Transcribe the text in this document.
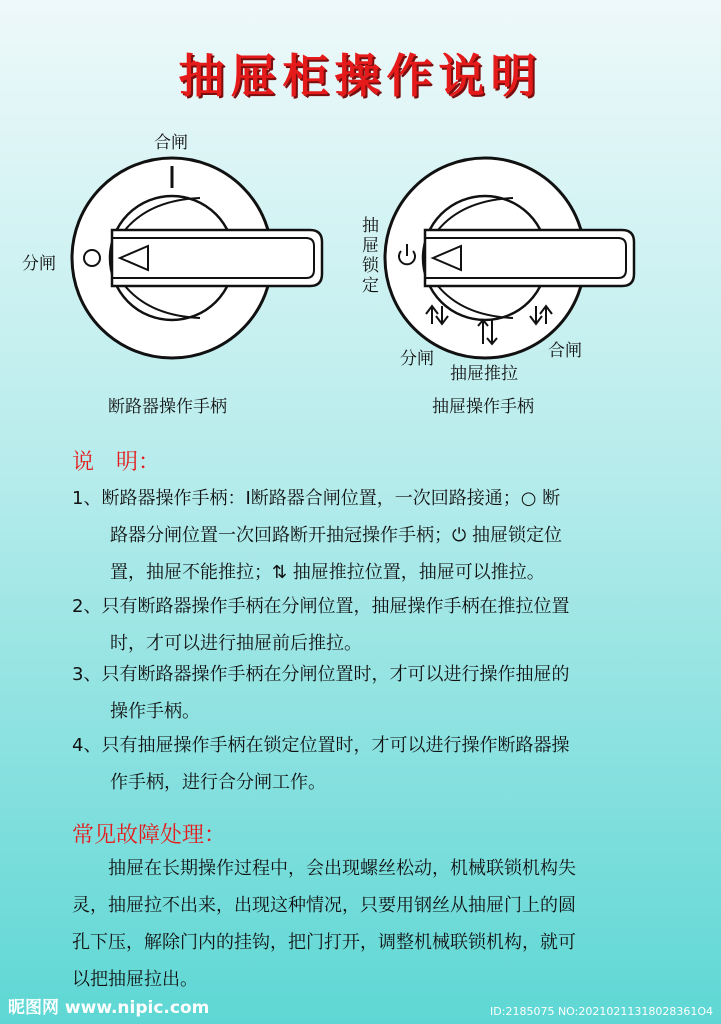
抽屉柜操作说明
合闸
分闸
断路器操作手柄
抽
屉
锁
定
分闸
抽屉推拉
合闸
抽屉操作手柄
说　明：
1、断路器操作手柄：Ⅰ断路器合闸位置，一次回路接通；○ 断
路器分闸位置一次回路断开抽冠操作手柄；⏻ 抽屉锁定位
置，抽屉不能推拉；⇅ 抽屉推拉位置，抽屉可以推拉。
2、只有断路器操作手柄在分闸位置，抽屉操作手柄在推拉位置
时，才可以进行抽屉前后推拉。
3、只有断路器操作手柄在分闸位置时，才可以进行操作抽屉的
操作手柄。
4、只有抽屉操作手柄在锁定位置时，才可以进行操作断路器操
作手柄，进行合分闸工作。
常见故障处理：
　　抽屉在长期操作过程中，会出现螺丝松动，机械联锁机构失
灵，抽屉拉不出来，出现这种情况，只要用钢丝从抽屉门上的圆
孔下压，解除门内的挂钩，把门打开，调整机械联锁机构，就可
以把抽屉拉出。
昵图网 www.nipic.com	ID:2185075 NO:20210211318028361O4
